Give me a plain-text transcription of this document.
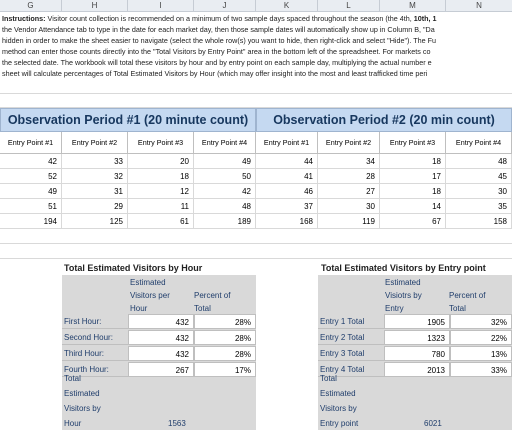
G	H	I	J	K	L	M	N
Instructions: Visitor count collection is recommended on a minimum of two sample days spaced throughout the season (the 4th, 10th, 1
the Vendor Attendance tab to type in the date for each market day, then those sample dates will automatically show up in Column B, "Da
hidden in order to make the sheet easier to navigate (select the whole row(s) you want to hide, then right-click and select "Hide"). The Fu
method can enter those counts directly into the "Total Visitors by Entry Point" area in the bottom left of the spreadsheet. For markets co
the selected date. The workbook will total these visitors by hour and by entry point on each sample day, multiplying the actual number e
sheet will calculate percentages of Total Estimated Visitors by Hour (which may offer insight into the most and least trafficked time peri
Observation Period #1 (20 minute count)
Entry Point #1	Entry Point #2	Entry Point #3	Entry Point #4
Observation Period #2 (20 min count)
Entry Point #1	Entry Point #2	Entry Point #3	Entry Point #4
42	33	20	49
52	32	18	50
49	31	12	42
51	29	11	48
194	125	61	189
44	34	18	48
41	28	17	45
46	27	18	30
37	30	14	35
168	119	67	158
Total Estimated Visitors by Hour
Estimated
Visitors per
Hour
Percent of
Total
First Hour:	432	28%
Second Hour:	432	28%
Third Hour:	432	28%
Fourth Hour:	267	17%
Total
Estimated
Visitors by
Hour	1563
Total Estimated Visitors by Entry point
Estimated
Visiotrs by
Entry
Percent of
Total
Entry 1 Total	1905	32%
Entry 2 Total	1323	22%
Entry 3 Total	780	13%
Entry 4 Total	2013	33%
Total
Estimated
Visitors by
Entry point	6021
